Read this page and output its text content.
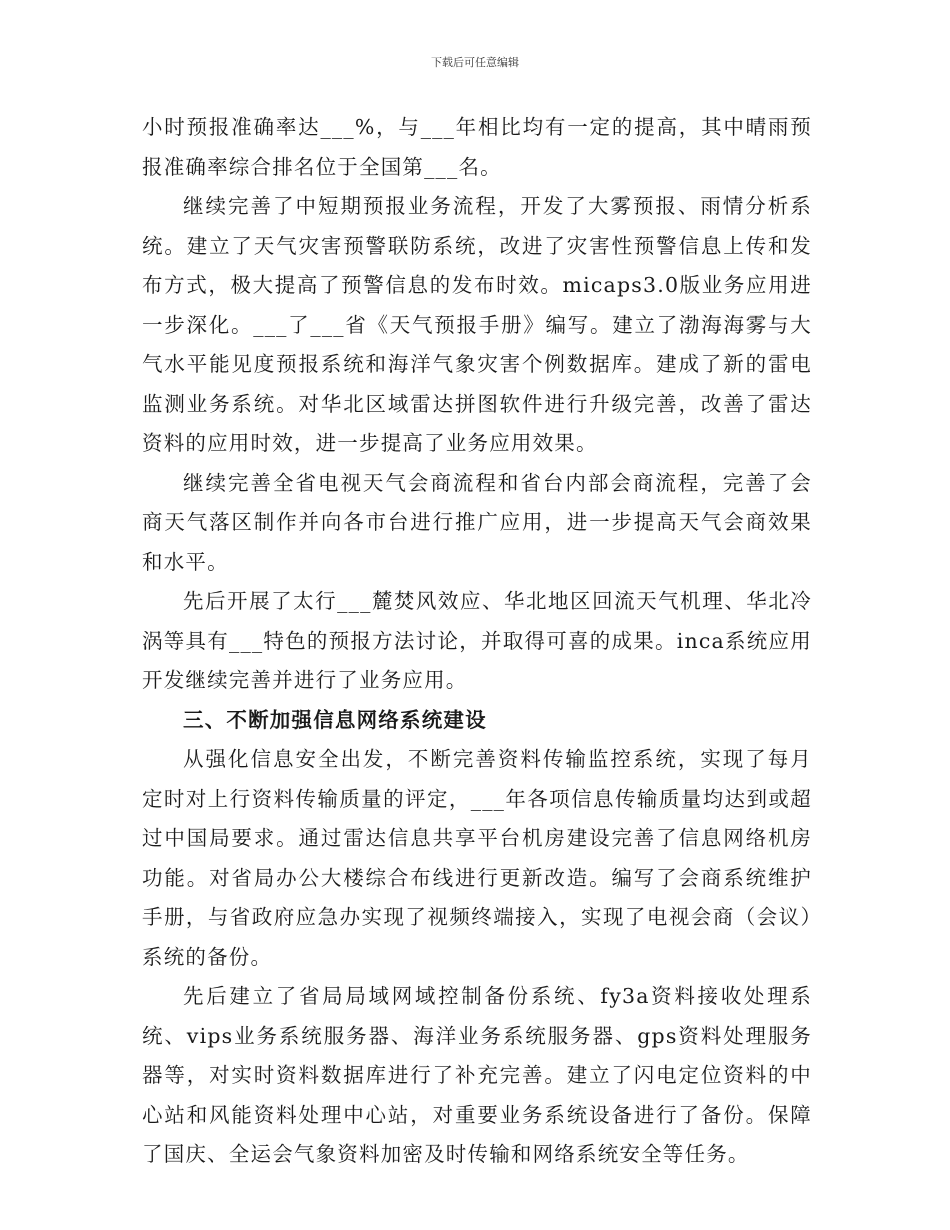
下载后可任意编辑

小时预报准确率达___%，与___年相比均有一定的提高，其中晴雨预报准确率综合排名位于全国第___名。

继续完善了中短期预报业务流程，开发了大雾预报、雨情分析系统。建立了天气灾害预警联防系统，改进了灾害性预警信息上传和发布方式，极大提高了预警信息的发布时效。micaps3.0版业务应用进一步深化。___了___省《天气预报手册》编写。建立了渤海海雾与大气水平能见度预报系统和海洋气象灾害个例数据库。建成了新的雷电监测业务系统。对华北区域雷达拼图软件进行升级完善，改善了雷达资料的应用时效，进一步提高了业务应用效果。

继续完善全省电视天气会商流程和省台内部会商流程，完善了会商天气落区制作并向各市台进行推广应用，进一步提高天气会商效果和水平。

先后开展了太行___麓焚风效应、华北地区回流天气机理、华北冷涡等具有___特色的预报方法讨论，并取得可喜的成果。inca系统应用开发继续完善并进行了业务应用。

三、不断加强信息网络系统建设

从强化信息安全出发，不断完善资料传输监控系统，实现了每月定时对上行资料传输质量的评定，___年各项信息传输质量均达到或超过中国局要求。通过雷达信息共享平台机房建设完善了信息网络机房功能。对省局办公大楼综合布线进行更新改造。编写了会商系统维护手册，与省政府应急办实现了视频终端接入，实现了电视会商（会议）系统的备份。

先后建立了省局局域网域控制备份系统、fy3a资料接收处理系统、vips业务系统服务器、海洋业务系统服务器、gps资料处理服务器等，对实时资料数据库进行了补充完善。建立了闪电定位资料的中心站和风能资料处理中心站，对重要业务系统设备进行了备份。保障了国庆、全运会气象资料加密及时传输和网络系统安全等任务。
